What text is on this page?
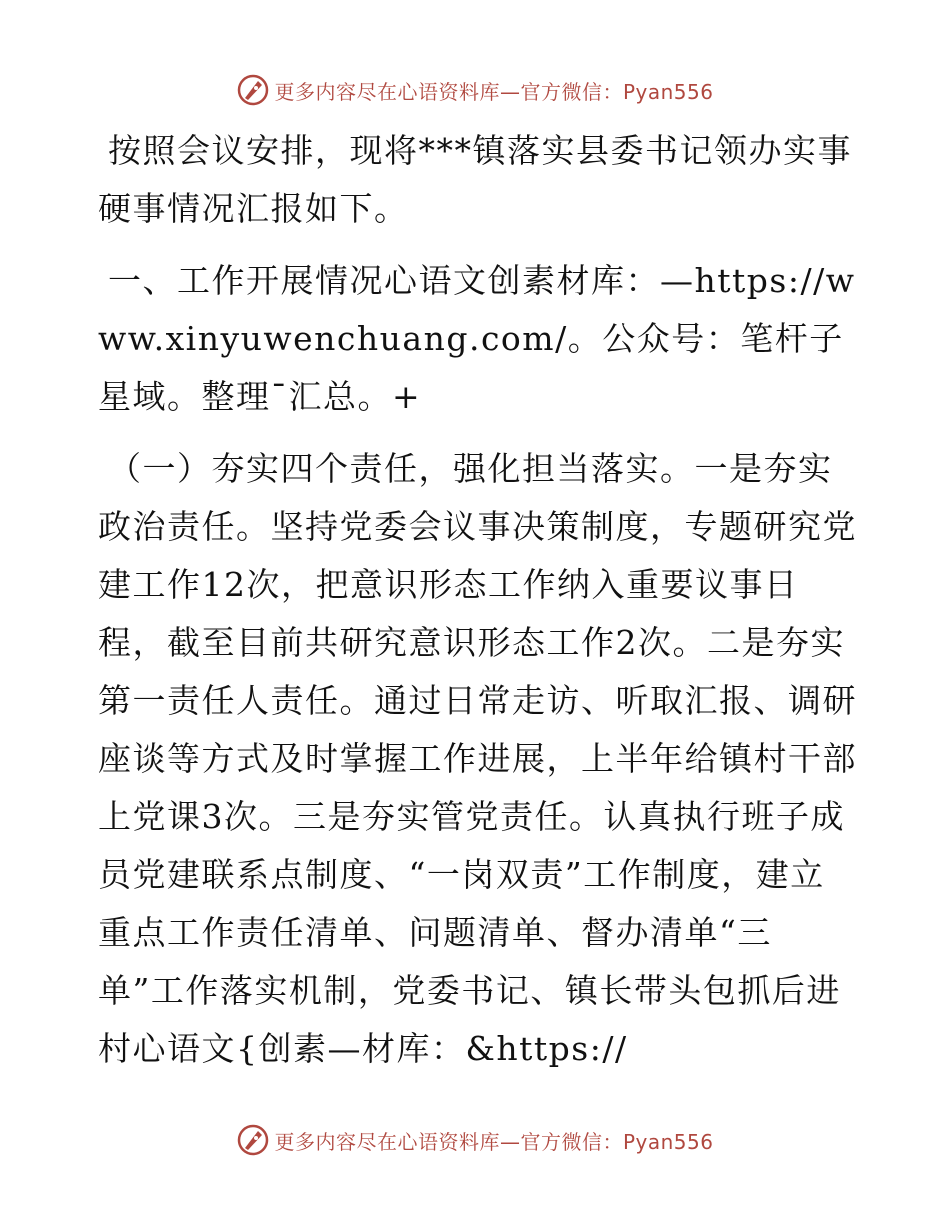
更多内容尽在心语资料库—官方微信：Pyan556

按照会议安排，现将***镇落实县委书记领办实事硬事情况汇报如下。

一、工作开展情况心语文创素材库：—https://www.xinyuwenchuang.com/。公众号：笔杆子星域。整理¯汇总。+

（一）夯实四个责任，强化担当落实。一是夯实政治责任。坚持党委会议事决策制度，专题研究党建工作12次，把意识形态工作纳入重要议事日程，截至目前共研究意识形态工作2次。二是夯实第一责任人责任。通过日常走访、听取汇报、调研座谈等方式及时掌握工作进展，上半年给镇村干部上党课3次。三是夯实管党责任。认真执行班子成员党建联系点制度、“一岗双责”工作制度，建立重点工作责任清单、问题清单、督办清单“三单”工作落实机制，党委书记、镇长带头包抓后进村心语文{创素—材库：&https://

更多内容尽在心语资料库—官方微信：Pyan556
